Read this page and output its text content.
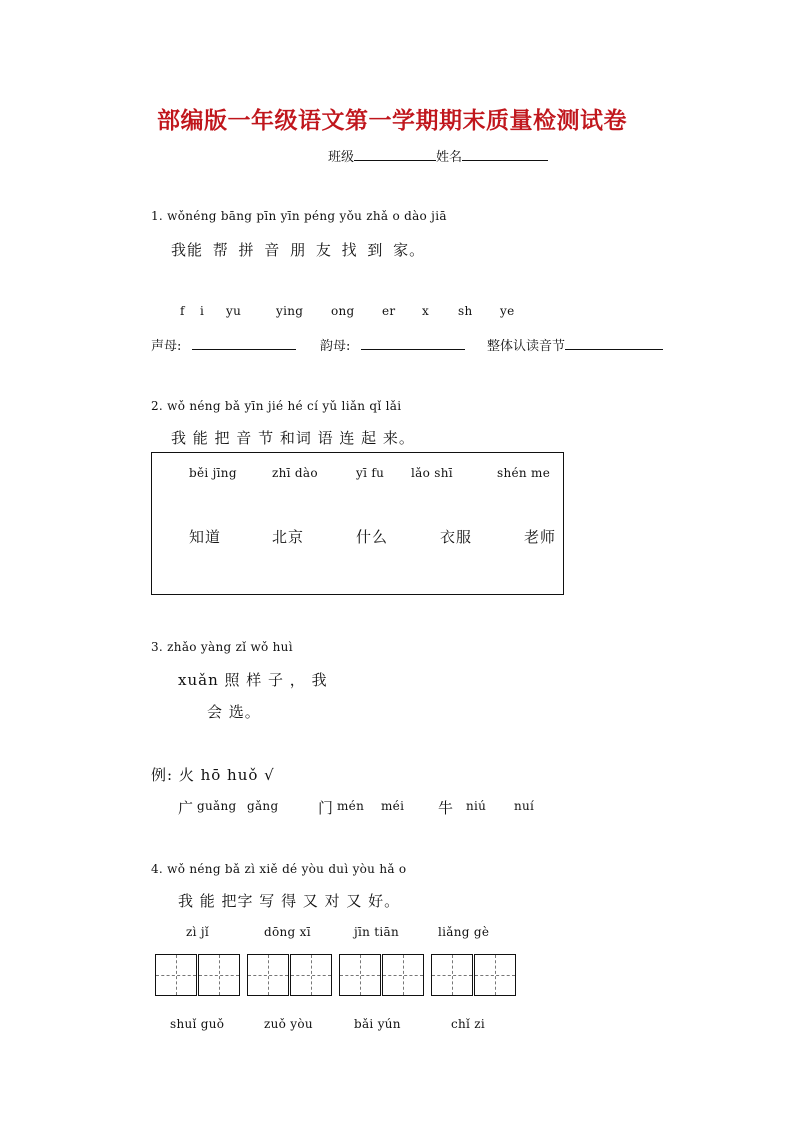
部编版一年级语文第一学期期末质量检测试卷
班级	姓名
1. wǒnéng bāng pīn yīn péng yǒu zhǎ o dào jiā
我能 帮 拼 音 朋 友 找 到 家。
f i yu	ying ong er x sh ye
声母:	韵母:	整体认读音节
2. wǒ néng bǎ yīn jié hé cí yǔ liǎn qǐ lǎi
我 能 把 音 节 和词 语 连 起 来。
běi jīng	zhī dào	yī fu lǎo shī	shén me
知道	北京	什么	衣服	老师
3. zhǎo yàng zǐ wǒ huì
xuǎn 照 样 子 ， 我
会 选。
例: 火 hō huǒ √
广 guǎng gǎng	门 mén méi 牛 niú nuí
4. wǒ néng bǎ zì xiě dé yòu duì yòu hǎ o
我 能 把字 写 得 又 对 又 好。
zì jǐ	dōng xī	jīn tiān	liǎng gè
shuǐ guǒ	zuǒ yòu	bǎi yún	chǐ zi
